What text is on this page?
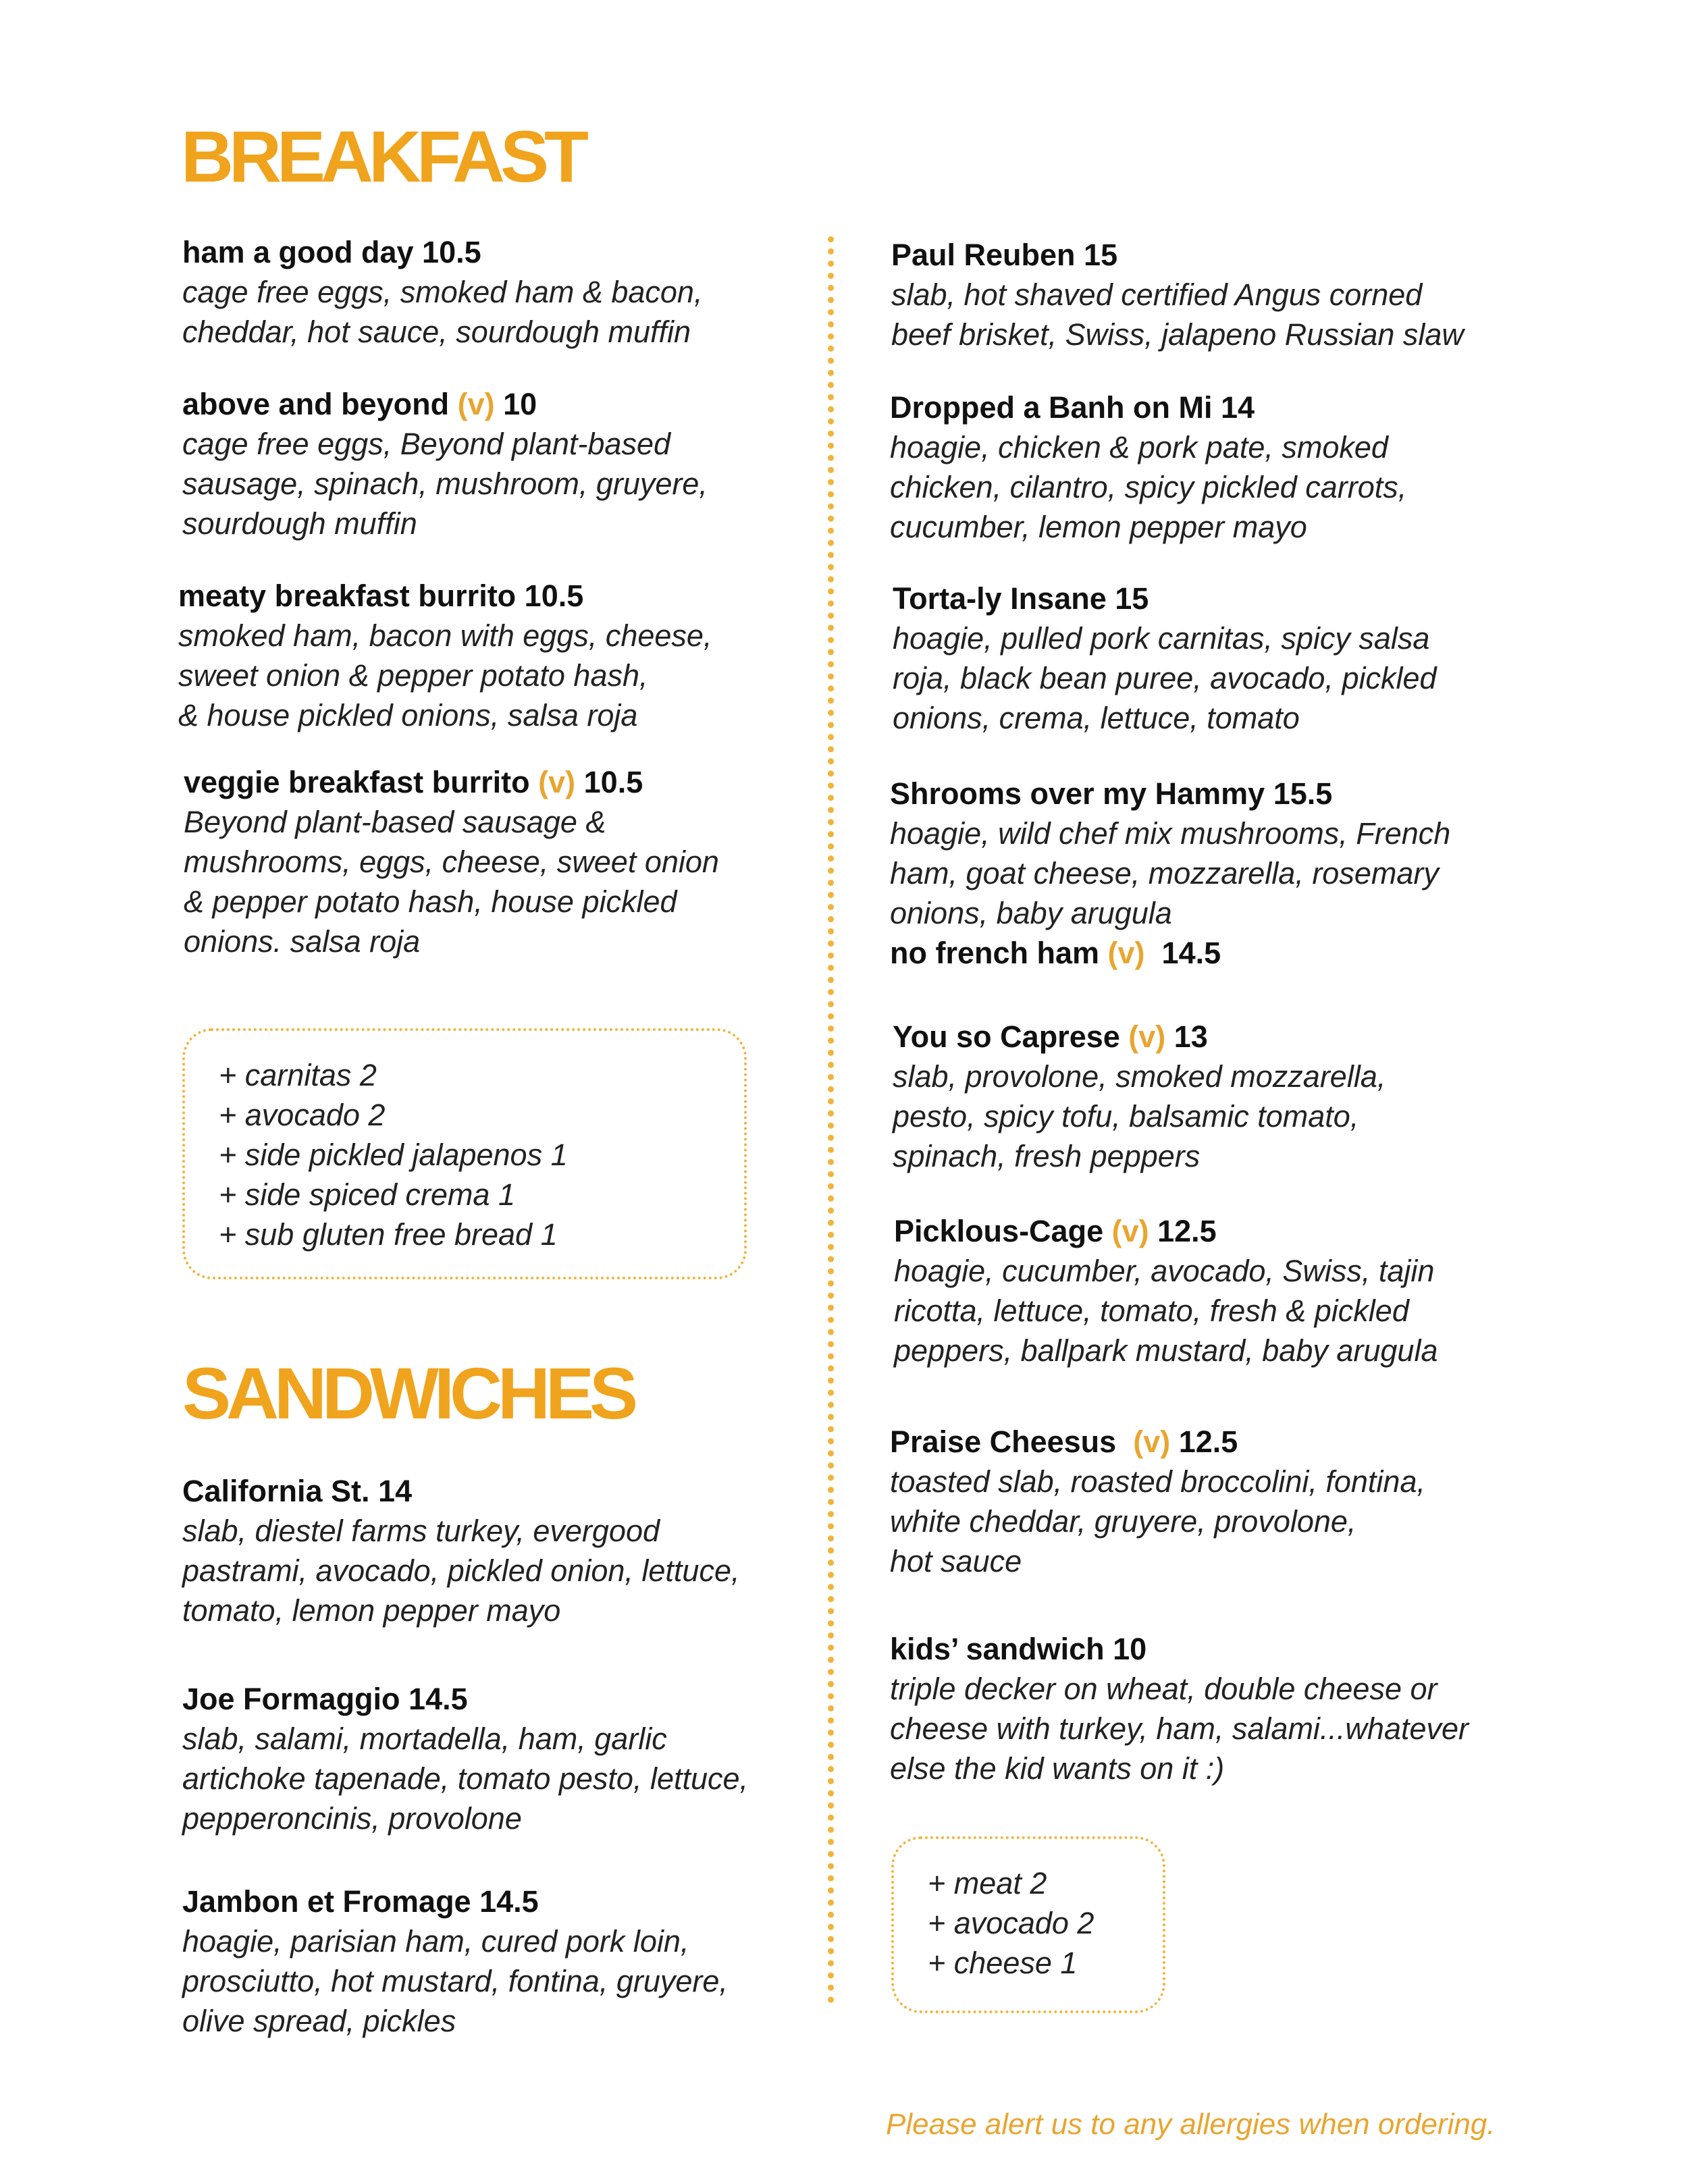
BREAKFAST
ham a good day 10.5
cage free eggs, smoked ham & bacon,
cheddar, hot sauce, sourdough muffin
above and beyond (v) 10
cage free eggs, Beyond plant-based
sausage, spinach, mushroom, gruyere,
sourdough muffin
meaty breakfast burrito 10.5
smoked ham, bacon with eggs, cheese,
sweet onion & pepper potato hash,
& house pickled onions, salsa roja
veggie breakfast burrito (v) 10.5
Beyond plant-based sausage &
mushrooms, eggs, cheese, sweet onion
& pepper potato hash, house pickled
onions. salsa roja
+ carnitas 2
+ avocado 2
+ side pickled jalapenos 1
+ side spiced crema 1
+ sub gluten free bread 1
SANDWICHES
California St. 14
slab, diestel farms turkey, evergood
pastrami, avocado, pickled onion, lettuce,
tomato, lemon pepper mayo
Joe Formaggio 14.5
slab, salami, mortadella, ham, garlic
artichoke tapenade, tomato pesto, lettuce,
pepperoncinis, provolone
Jambon et Fromage 14.5
hoagie, parisian ham, cured pork loin,
prosciutto, hot mustard, fontina, gruyere,
olive spread, pickles
Paul Reuben 15
slab, hot shaved certified Angus corned
beef brisket, Swiss, jalapeno Russian slaw
Dropped a Banh on Mi 14
hoagie, chicken & pork pate, smoked
chicken, cilantro, spicy pickled carrots,
cucumber, lemon pepper mayo
Torta-ly Insane 15
hoagie, pulled pork carnitas, spicy salsa
roja, black bean puree, avocado, pickled
onions, crema, lettuce, tomato
Shrooms over my Hammy 15.5
hoagie, wild chef mix mushrooms, French
ham, goat cheese, mozzarella, rosemary
onions, baby arugula
no french ham (v)  14.5
You so Caprese (v) 13
slab, provolone, smoked mozzarella,
pesto, spicy tofu, balsamic tomato,
spinach, fresh peppers
Picklous-Cage (v) 12.5
hoagie, cucumber, avocado, Swiss, tajin
ricotta, lettuce, tomato, fresh & pickled
peppers, ballpark mustard, baby arugula
Praise Cheesus  (v) 12.5
toasted slab, roasted broccolini, fontina,
white cheddar, gruyere, provolone,
hot sauce
kids’ sandwich 10
triple decker on wheat, double cheese or
cheese with turkey, ham, salami...whatever
else the kid wants on it :)
+ meat 2
+ avocado 2
+ cheese 1

Please alert us to any allergies when ordering.
